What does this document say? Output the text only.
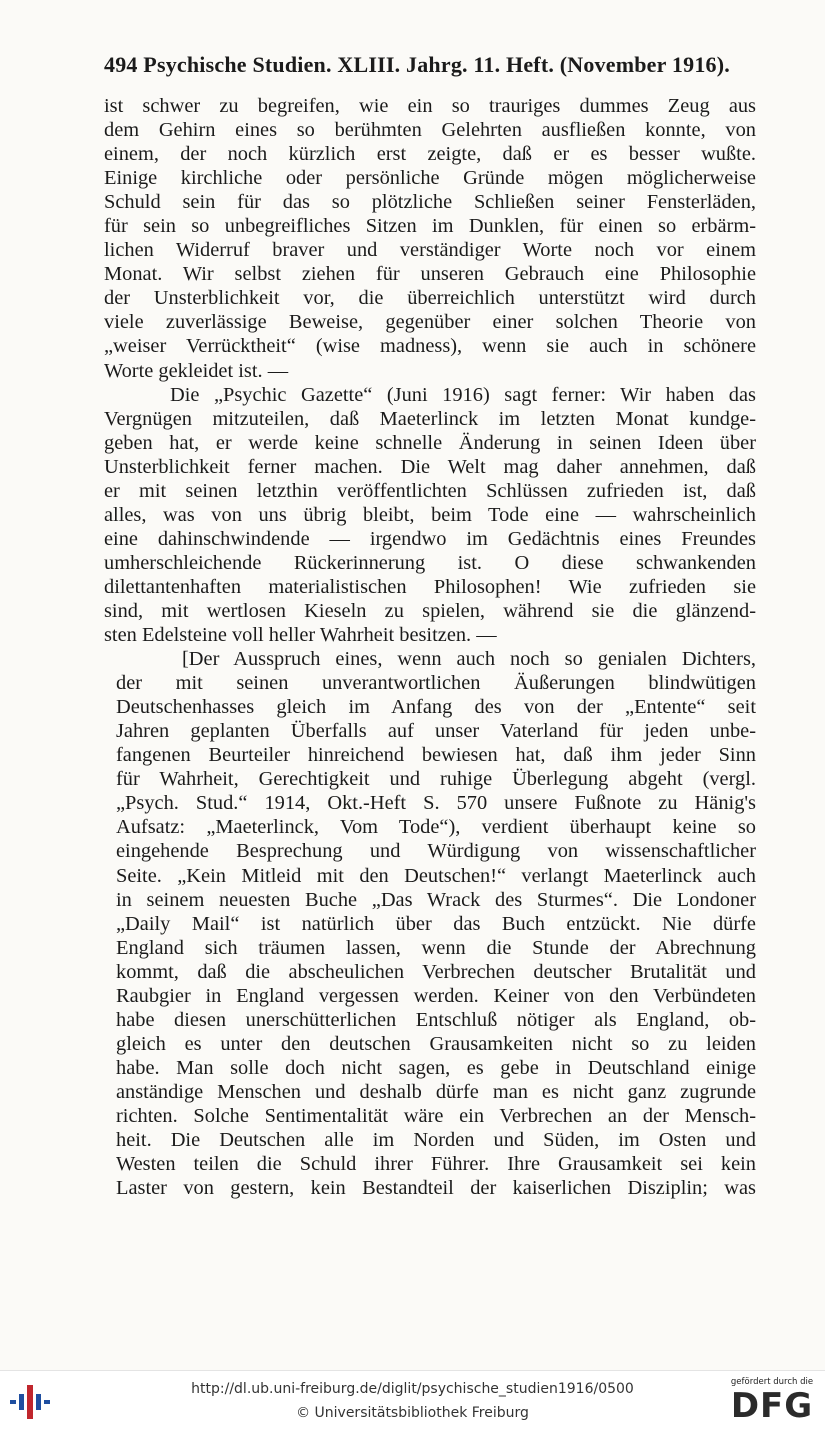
494 Psychische Studien. XLIII. Jahrg. 11. Heft. (November 1916).
ist schwer zu begreifen, wie ein so trauriges dummes Zeug aus
dem Gehirn eines so berühmten Gelehrten ausfließen konnte, von
einem, der noch kürzlich erst zeigte, daß er es besser wußte.
Einige kirchliche oder persönliche Gründe mögen möglicherweise
Schuld sein für das so plötzliche Schließen seiner Fensterläden,
für sein so unbegreifliches Sitzen im Dunklen, für einen so erbärm-
lichen Widerruf braver und verständiger Worte noch vor einem
Monat. Wir selbst ziehen für unseren Gebrauch eine Philosophie
der Unsterblichkeit vor, die überreichlich unterstützt wird durch
viele zuverlässige Beweise, gegenüber einer solchen Theorie von
„weiser Verrücktheit“ (wise madness), wenn sie auch in schönere
Worte gekleidet ist. —
Die „Psychic Gazette“ (Juni 1916) sagt ferner: Wir haben das
Vergnügen mitzuteilen, daß Maeterlinck im letzten Monat kundge-
geben hat, er werde keine schnelle Änderung in seinen Ideen über
Unsterblichkeit ferner machen. Die Welt mag daher annehmen, daß
er mit seinen letzthin veröffentlichten Schlüssen zufrieden ist, daß
alles, was von uns übrig bleibt, beim Tode eine — wahrscheinlich
eine dahinschwindende — irgendwo im Gedächtnis eines Freundes
umherschleichende Rückerinnerung ist. O diese schwankenden
dilettantenhaften materialistischen Philosophen! Wie zufrieden sie
sind, mit wertlosen Kieseln zu spielen, während sie die glänzend-
sten Edelsteine voll heller Wahrheit besitzen. —
[Der Ausspruch eines, wenn auch noch so genialen Dichters,
der mit seinen unverantwortlichen Äußerungen blindwütigen
Deutschenhasses gleich im Anfang des von der „Entente“ seit
Jahren geplanten Überfalls auf unser Vaterland für jeden unbe-
fangenen Beurteiler hinreichend bewiesen hat, daß ihm jeder Sinn
für Wahrheit, Gerechtigkeit und ruhige Überlegung abgeht (vergl.
„Psych. Stud.“ 1914, Okt.-Heft S. 570 unsere Fußnote zu Hänig's
Aufsatz: „Maeterlinck, Vom Tode“), verdient überhaupt keine so
eingehende Besprechung und Würdigung von wissenschaftlicher
Seite. „Kein Mitleid mit den Deutschen!“ verlangt Maeterlinck auch
in seinem neuesten Buche „Das Wrack des Sturmes“. Die Londoner
„Daily Mail“ ist natürlich über das Buch entzückt. Nie dürfe
England sich träumen lassen, wenn die Stunde der Abrechnung
kommt, daß die abscheulichen Verbrechen deutscher Brutalität und
Raubgier in England vergessen werden. Keiner von den Verbündeten
habe diesen unerschütterlichen Entschluß nötiger als England, ob-
gleich es unter den deutschen Grausamkeiten nicht so zu leiden
habe. Man solle doch nicht sagen, es gebe in Deutschland einige
anständige Menschen und deshalb dürfe man es nicht ganz zugrunde
richten. Solche Sentimentalität wäre ein Verbrechen an der Mensch-
heit. Die Deutschen alle im Norden und Süden, im Osten und
Westen teilen die Schuld ihrer Führer. Ihre Grausamkeit sei kein
Laster von gestern, kein Bestandteil der kaiserlichen Disziplin; was
http://dl.ub.uni-freiburg.de/diglit/psychische_studien1916/0500
© Universitätsbibliothek Freiburg
gefördert durch die
DFG
